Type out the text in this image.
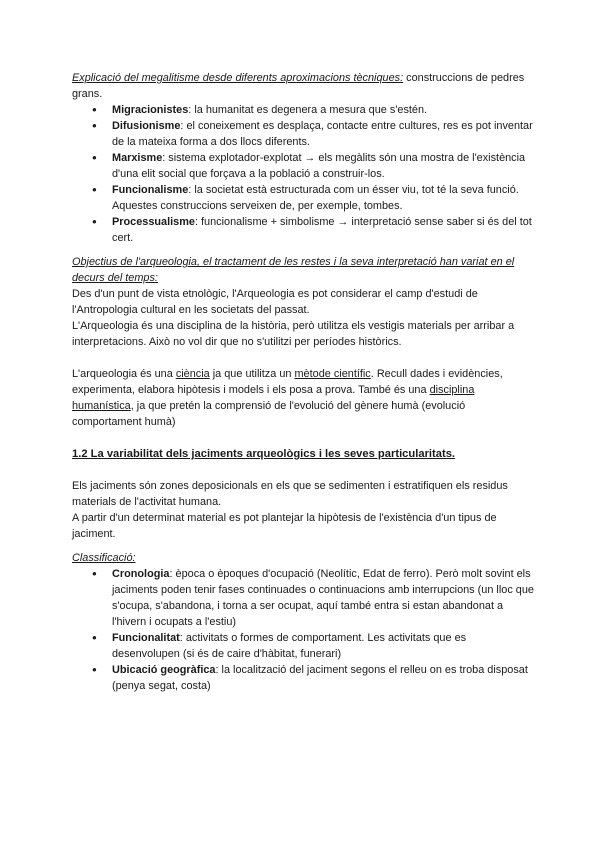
Explicació del megalitisme desde diferents aproximacions tècniques: construccions de pedres grans.

● Migracionistes: la humanitat es degenera a mesura que s'estén.
● Difusionisme: el coneixement es desplaça, contacte entre cultures, res es pot inventar de la mateixa forma a dos llocs diferents.
● Marxisme: sistema explotador-explotat → els megàlits són una mostra de l'existència d'una elit social que forçava a la població a construir-los.
● Funcionalisme: la societat està estructurada com un ésser viu, tot té la seva funció. Aquestes construccions serveixen de, per exemple, tombes.
● Processualisme: funcionalisme + simbolisme → interpretació sense saber si és del tot cert.

Objectius de l'arqueologia, el tractament de les restes i la seva interpretació han variat en el decurs del temps:

Des d'un punt de vista etnològic, l'Arqueologia es pot considerar el camp d'estudi de l'Antropologia cultural en les societats del passat.

L'Arqueologia és una disciplina de la història, però utilitza els vestigis materials per arribar a interpretacions. Això no vol dir que no s'utilitzi per períodes històrics.

L'arqueologia és una ciència ja que utilitza un mètode científic. Recull dades i evidències, experimenta, elabora hipòtesis i models i els posa a prova. També és una disciplina humanística, ja que pretén la comprensió de l'evolució del gènere humà (evolució comportament humà)

1.2 La variabilitat dels jaciments arqueològics i les seves particularitats.

Els jaciments són zones deposicionals en els que se sedimenten i estratifiquen els residus materials de l'activitat humana.

A partir d'un determinat material es pot plantejar la hipòtesis de l'existència d'un tipus de jaciment.

Classificació:

● Cronologia: època o èpoques d'ocupació (Neolític, Edat de ferro). Però molt sovint els jaciments poden tenir fases continuades o continuacions amb interrupcions (un lloc que s'ocupa, s'abandona, i torna a ser ocupat, aquí també entra si estan abandonat a l'hivern i ocupats a l'estiu)
● Funcionalitat: activitats o formes de comportament. Les activitats que es desenvolupen (si és de caire d'hàbitat, funerari)
● Ubicació geogràfica: la localització del jaciment segons el relleu on es troba disposat (penya segat, costa)
